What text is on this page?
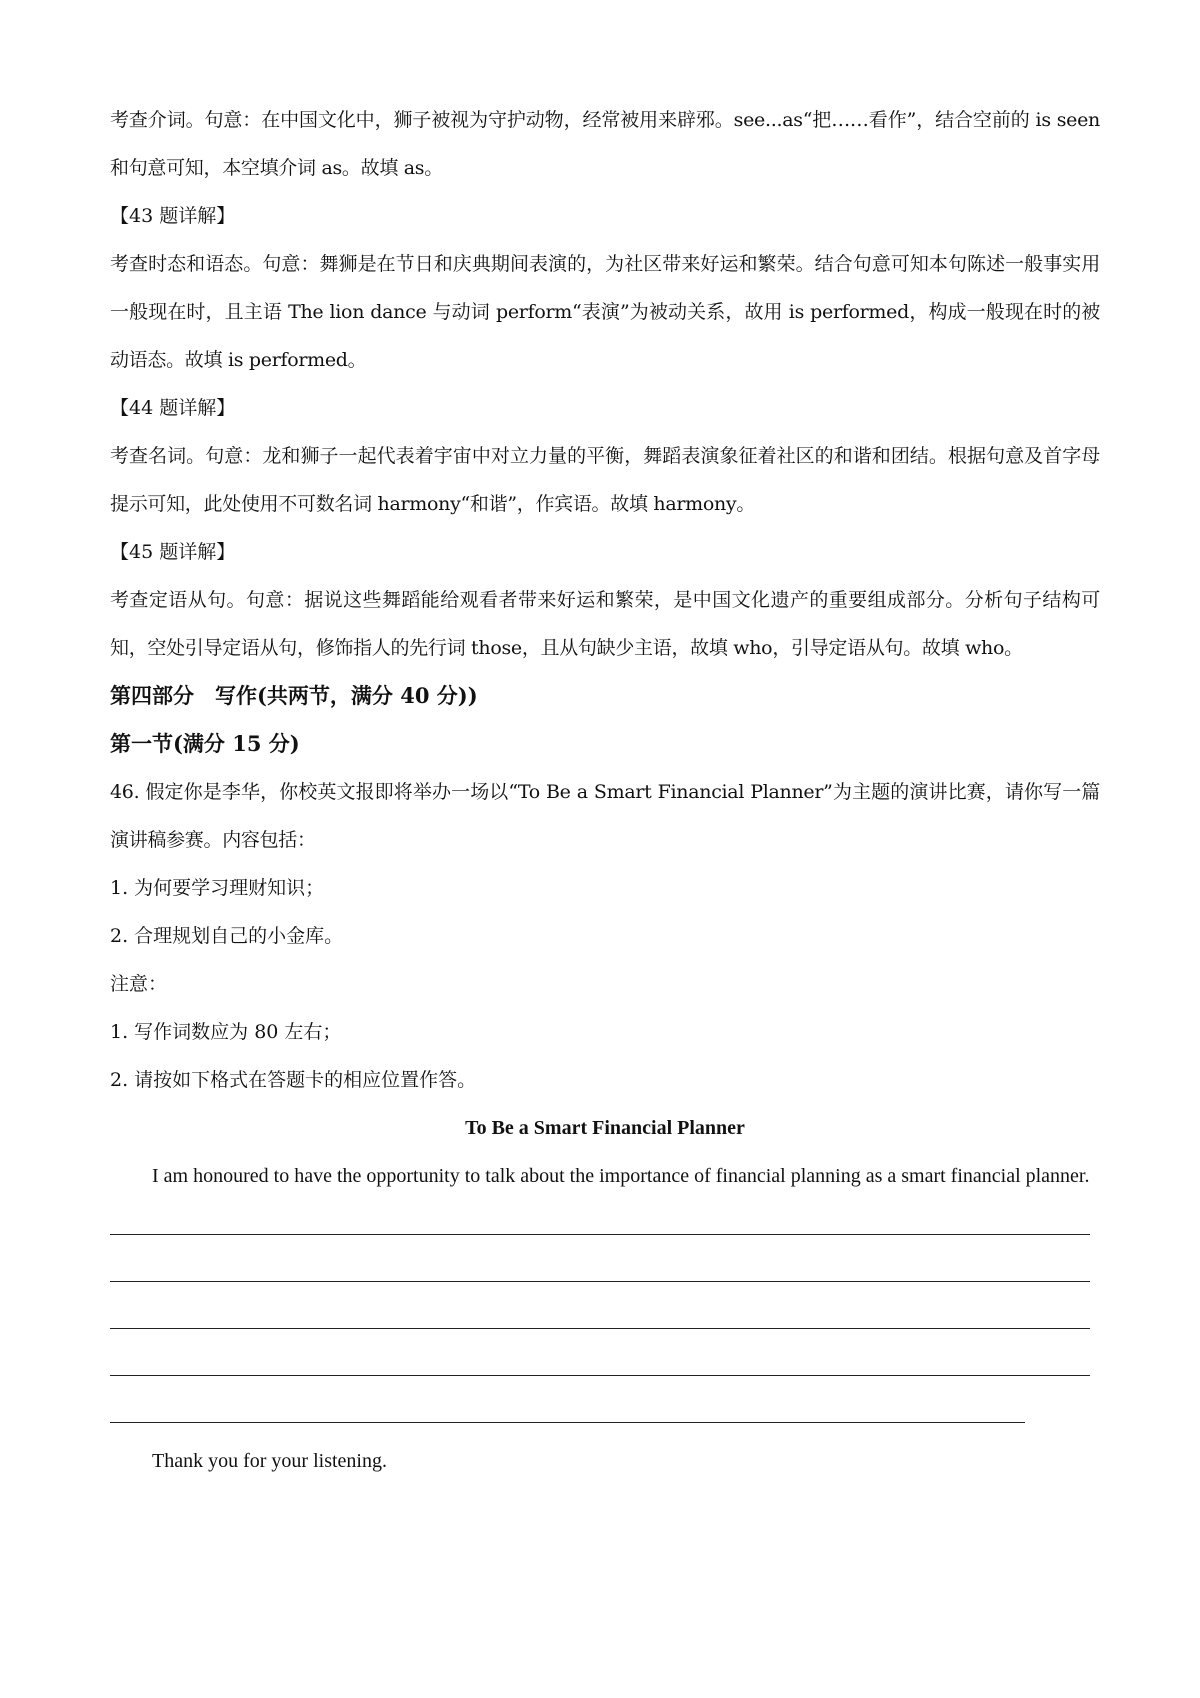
考查介词。句意：在中国文化中，狮子被视为守护动物，经常被用来辟邪。see...as“把……看作”，结合空前的 is seen 和句意可知，本空填介词 as。故填 as。

【43 题详解】

考查时态和语态。句意：舞狮是在节日和庆典期间表演的，为社区带来好运和繁荣。结合句意可知本句陈述一般事实用一般现在时，且主语 The lion dance 与动词 perform“表演”为被动关系，故用 is performed，构成一般现在时的被动语态。故填 is performed。

【44 题详解】

考查名词。句意：龙和狮子一起代表着宇宙中对立力量的平衡，舞蹈表演象征着社区的和谐和团结。根据句意及首字母提示可知，此处使用不可数名词 harmony“和谐”，作宾语。故填 harmony。

【45 题详解】

考查定语从句。句意：据说这些舞蹈能给观看者带来好运和繁荣，是中国文化遗产的重要组成部分。分析句子结构可知，空处引导定语从句，修饰指人的先行词 those，且从句缺少主语，故填 who，引导定语从句。故填 who。

第四部分　写作(共两节，满分 40 分))

第一节(满分 15 分)

46. 假定你是李华，你校英文报即将举办一场以“To Be a Smart Financial Planner”为主题的演讲比赛，请你写一篇演讲稿参赛。内容包括：

1. 为何要学习理财知识；

2. 合理规划自己的小金库。

注意：

1. 写作词数应为 80 左右；

2. 请按如下格式在答题卡的相应位置作答。

To Be a Smart Financial Planner

I am honoured to have the opportunity to talk about the importance of financial planning as a smart financial planner.

Thank you for your listening.
